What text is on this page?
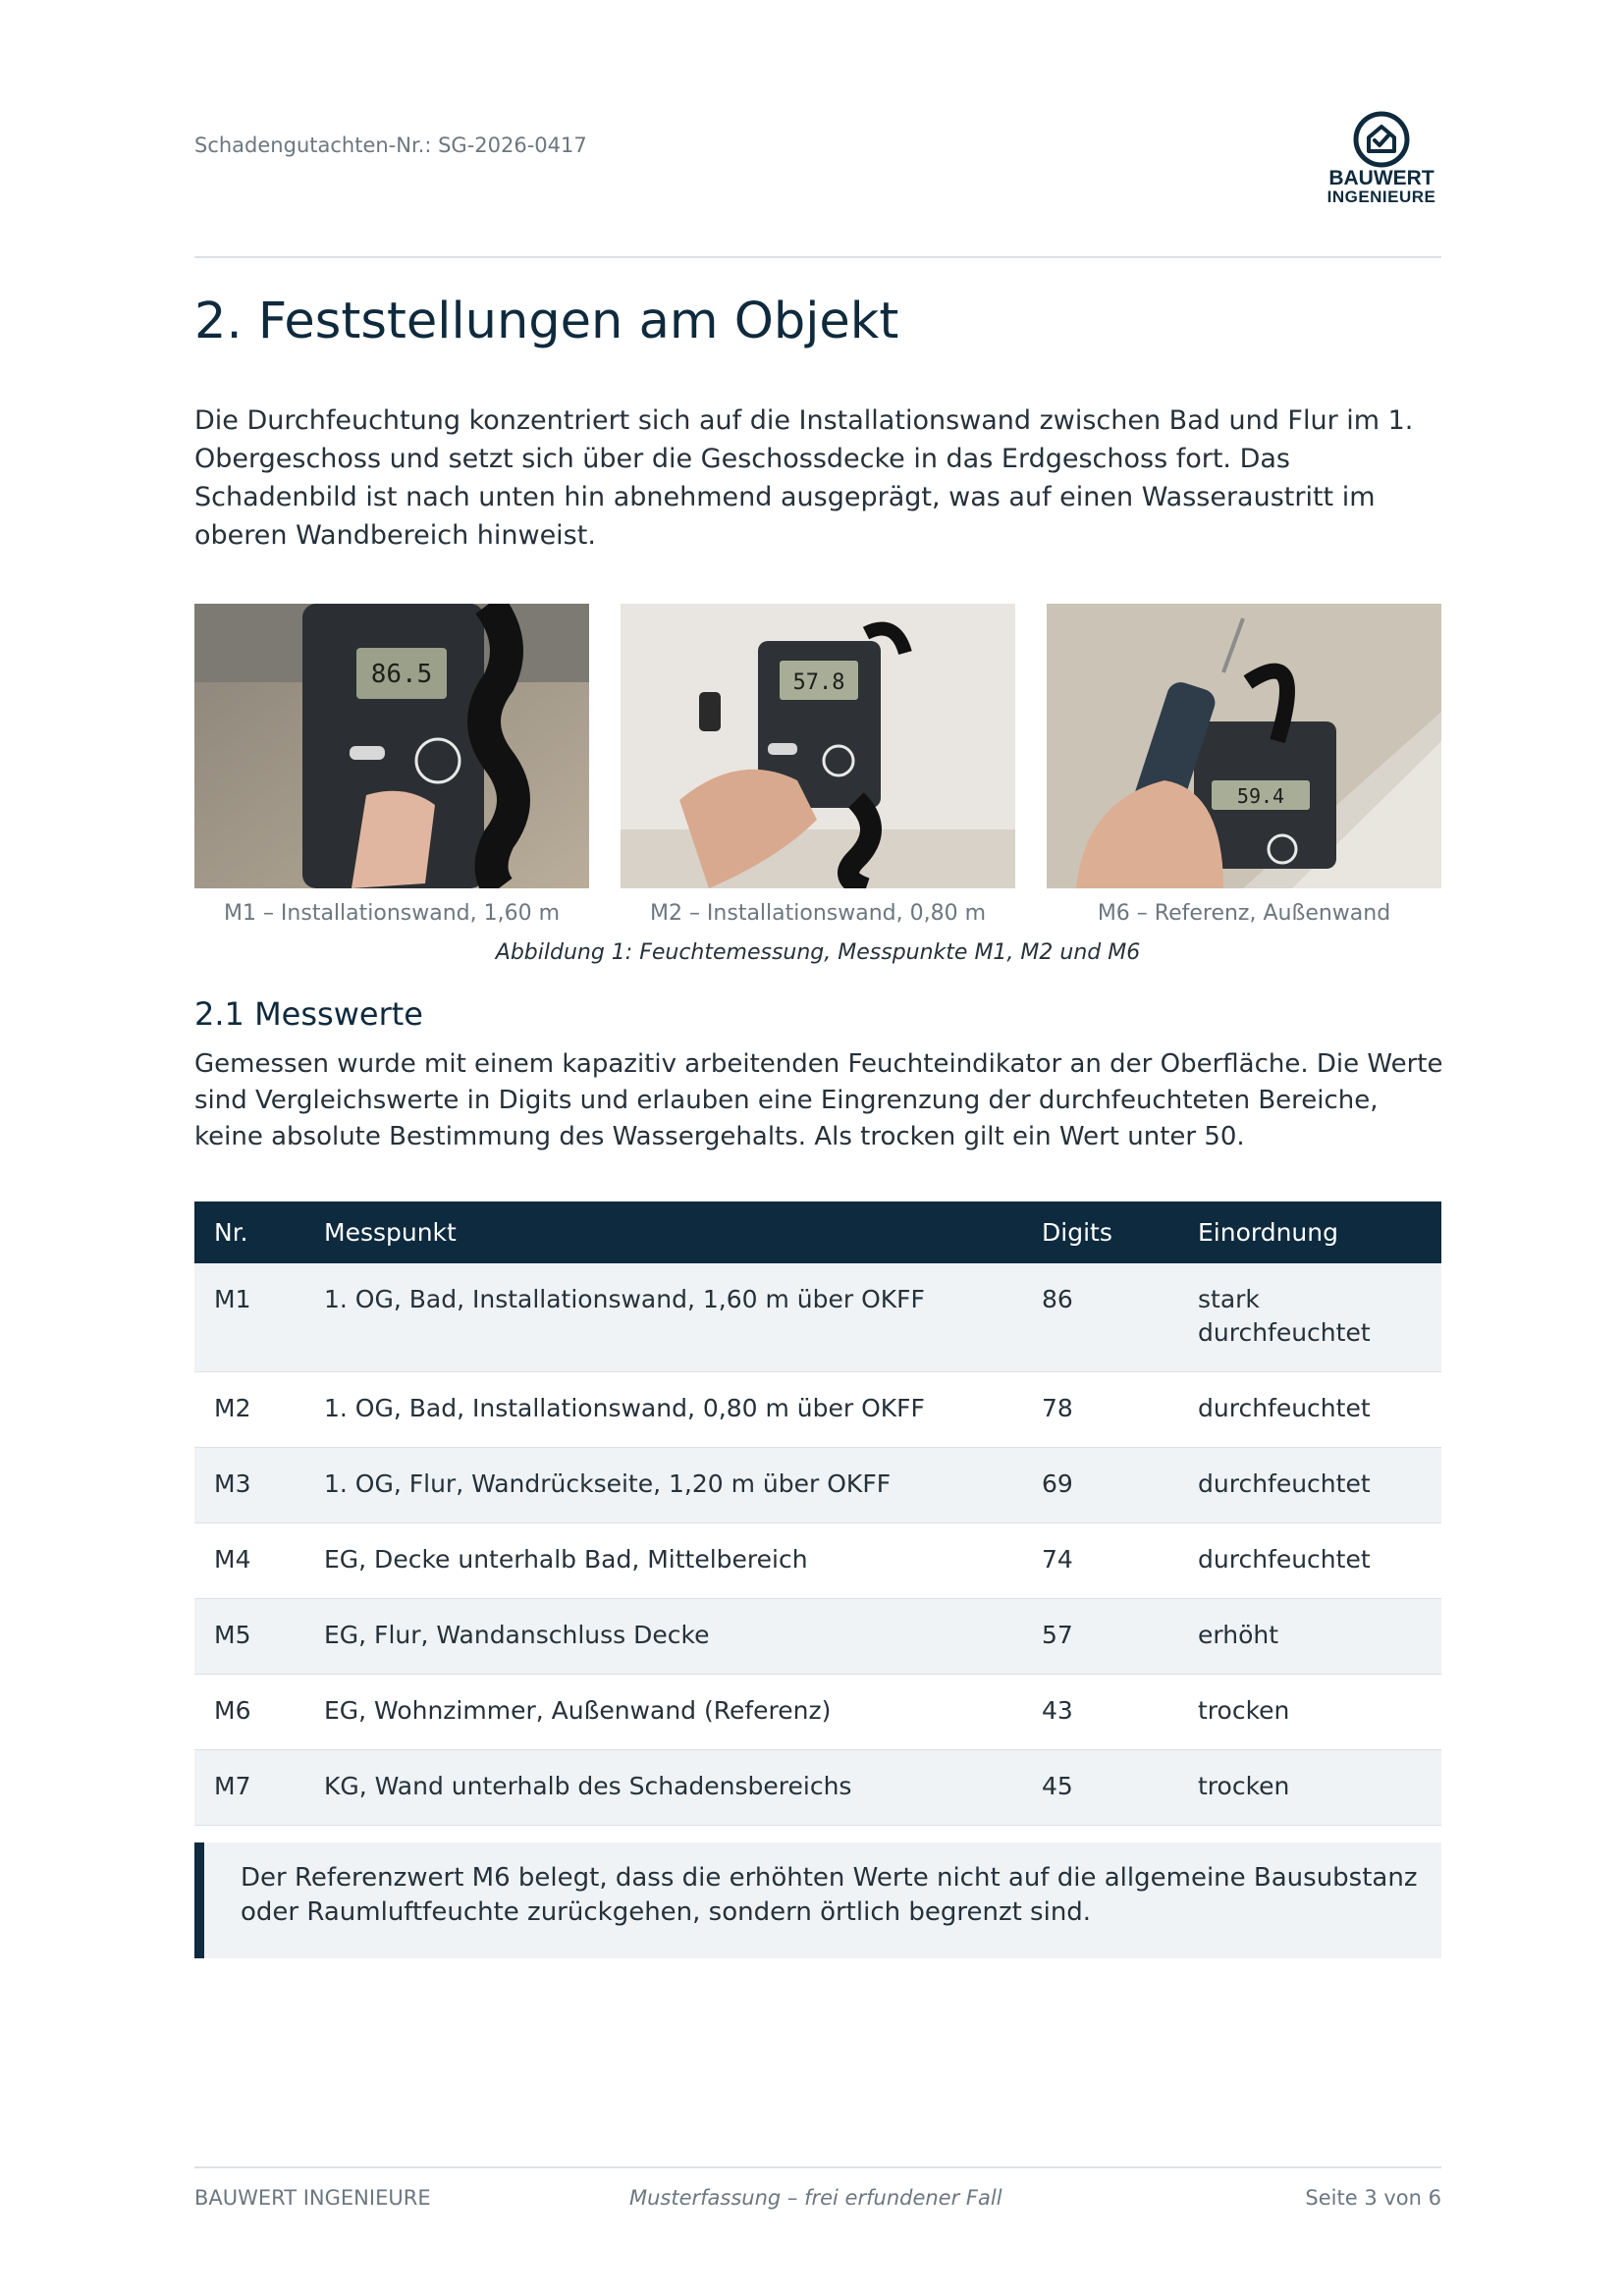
Schadengutachten-Nr.: SG-2026-0417
BAUWERT
INGENIEURE
2. Feststellungen am Objekt

Die Durchfeuchtung konzentriert sich auf die Installationswand zwischen Bad und Flur im 1. Obergeschoss und setzt sich über die Geschossdecke in das Erdgeschoss fort. Das Schadenbild ist nach unten hin abnehmend ausgeprägt, was auf einen Wasseraustritt im oberen Wandbereich hinweist.

86.5	57.8
59.4
M1 – Installationswand, 1,60 m	M2 – Installationswand, 0,80 m	M6 – Referenz, Außenwand
Abbildung 1: Feuchtemessung, Messpunkte M1, M2 und M6
2.1 Messwerte

Gemessen wurde mit einem kapazitiv arbeitenden Feuchteindikator an der Oberfläche. Die Werte sind Vergleichswerte in Digits und erlauben eine Eingrenzung der durchfeuchteten Bereiche, keine absolute Bestimmung des Wassergehalts. Als trocken gilt ein Wert unter 50.

Nr.	Messpunkt	Digits	Einordnung
M1	1. OG, Bad, Installationswand, 1,60 m über OKFF	86	stark
durchfeuchtet
M2	1. OG, Bad, Installationswand, 0,80 m über OKFF	78	durchfeuchtet
M3	1. OG, Flur, Wandrückseite, 1,20 m über OKFF	69	durchfeuchtet
M4	EG, Decke unterhalb Bad, Mittelbereich	74	durchfeuchtet
M5	EG, Flur, Wandanschluss Decke	57	erhöht
M6	EG, Wohnzimmer, Außenwand (Referenz)	43	trocken
M7	KG, Wand unterhalb des Schadensbereichs	45	trocken
Der Referenzwert M6 belegt, dass die erhöhten Werte nicht auf die allgemeine Bausubstanz oder Raumluftfeuchte zurückgehen, sondern örtlich begrenzt sind.
BAUWERT INGENIEURE	Musterfassung – frei erfundener Fall	Seite 3 von 6
